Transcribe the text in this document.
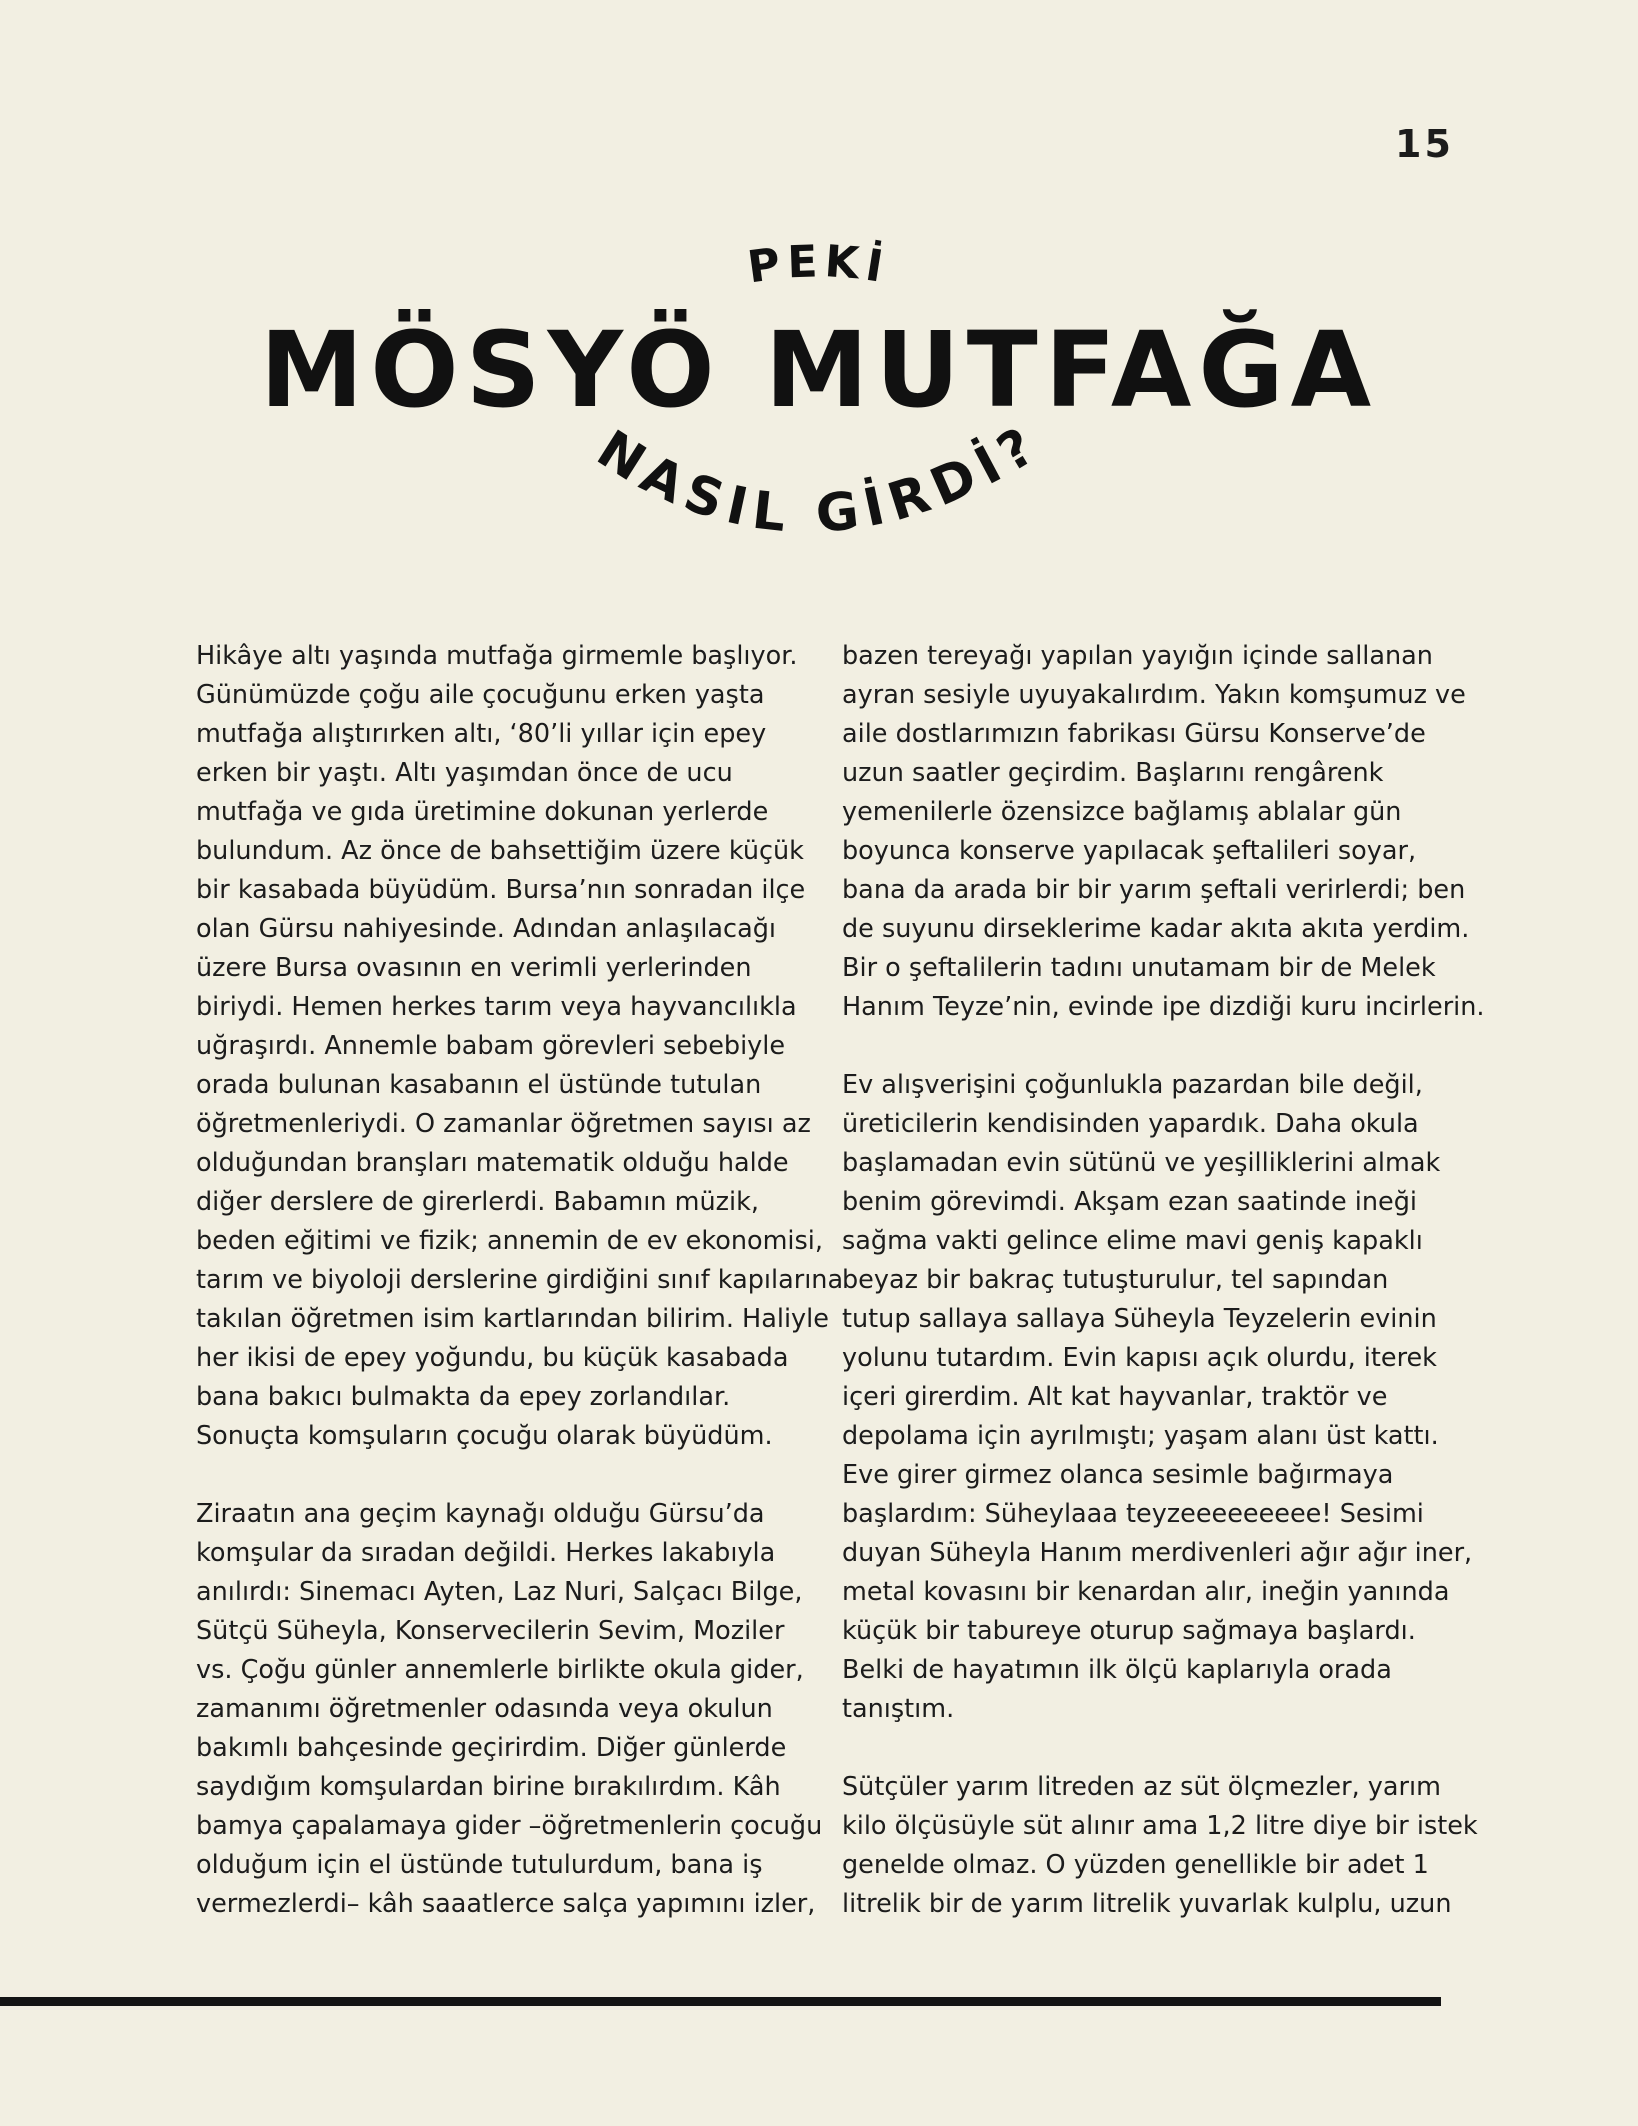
15
PEKİ
NASIL GİRDİ?
MÖSYÖ MUTFAĞA
Hikâye altı yaşında mutfağa girmemle başlıyor.
Günümüzde çoğu aile çocuğunu erken yaşta
mutfağa alıştırırken altı, ‘80’li yıllar için epey
erken bir yaştı. Altı yaşımdan önce de ucu
mutfağa ve gıda üretimine dokunan yerlerde
bulundum. Az önce de bahsettiğim üzere küçük
bir kasabada büyüdüm. Bursa’nın sonradan ilçe
olan Gürsu nahiyesinde. Adından anlaşılacağı
üzere Bursa ovasının en verimli yerlerinden
biriydi. Hemen herkes tarım veya hayvancılıkla
uğraşırdı. Annemle babam görevleri sebebiyle
orada bulunan kasabanın el üstünde tutulan
öğretmenleriydi. O zamanlar öğretmen sayısı az
olduğundan branşları matematik olduğu halde
diğer derslere de girerlerdi. Babamın müzik,
beden eğitimi ve fizik; annemin de ev ekonomisi,
tarım ve biyoloji derslerine girdiğini sınıf kapılarına
takılan öğretmen isim kartlarından bilirim. Haliyle
her ikisi de epey yoğundu, bu küçük kasabada
bana bakıcı bulmakta da epey zorlandılar.
Sonuçta komşuların çocuğu olarak büyüdüm.
Ziraatın ana geçim kaynağı olduğu Gürsu’da
komşular da sıradan değildi. Herkes lakabıyla
anılırdı: Sinemacı Ayten, Laz Nuri, Salçacı Bilge,
Sütçü Süheyla, Konservecilerin Sevim, Moziler
vs. Çoğu günler annemlerle birlikte okula gider,
zamanımı öğretmenler odasında veya okulun
bakımlı bahçesinde geçirirdim. Diğer günlerde
saydığım komşulardan birine bırakılırdım. Kâh
bamya çapalamaya gider –öğretmenlerin çocuğu
olduğum için el üstünde tutulurdum, bana iş
vermezlerdi– kâh saaatlerce salça yapımını izler,
bazen tereyağı yapılan yayığın içinde sallanan
ayran sesiyle uyuyakalırdım. Yakın komşumuz ve
aile dostlarımızın fabrikası Gürsu Konserve’de
uzun saatler geçirdim. Başlarını rengârenk
yemenilerle özensizce bağlamış ablalar gün
boyunca konserve yapılacak şeftalileri soyar,
bana da arada bir bir yarım şeftali verirlerdi; ben
de suyunu dirseklerime kadar akıta akıta yerdim.
Bir o şeftalilerin tadını unutamam bir de Melek
Hanım Teyze’nin, evinde ipe dizdiği kuru incirlerin.
Ev alışverişini çoğunlukla pazardan bile değil,
üreticilerin kendisinden yapardık. Daha okula
başlamadan evin sütünü ve yeşilliklerini almak
benim görevimdi. Akşam ezan saatinde ineği
sağma vakti gelince elime mavi geniş kapaklı
beyaz bir bakraç tutuşturulur, tel sapından
tutup sallaya sallaya Süheyla Teyzelerin evinin
yolunu tutardım. Evin kapısı açık olurdu, iterek
içeri girerdim. Alt kat hayvanlar, traktör ve
depolama için ayrılmıştı; yaşam alanı üst kattı.
Eve girer girmez olanca sesimle bağırmaya
başlardım: Süheylaaa teyzeeeeeeeee! Sesimi
duyan Süheyla Hanım merdivenleri ağır ağır iner,
metal kovasını bir kenardan alır, ineğin yanında
küçük bir tabureye oturup sağmaya başlardı.
Belki de hayatımın ilk ölçü kaplarıyla orada
tanıştım.
Sütçüler yarım litreden az süt ölçmezler, yarım
kilo ölçüsüyle süt alınır ama 1,2 litre diye bir istek
genelde olmaz. O yüzden genellikle bir adet 1
litrelik bir de yarım litrelik yuvarlak kulplu, uzun
